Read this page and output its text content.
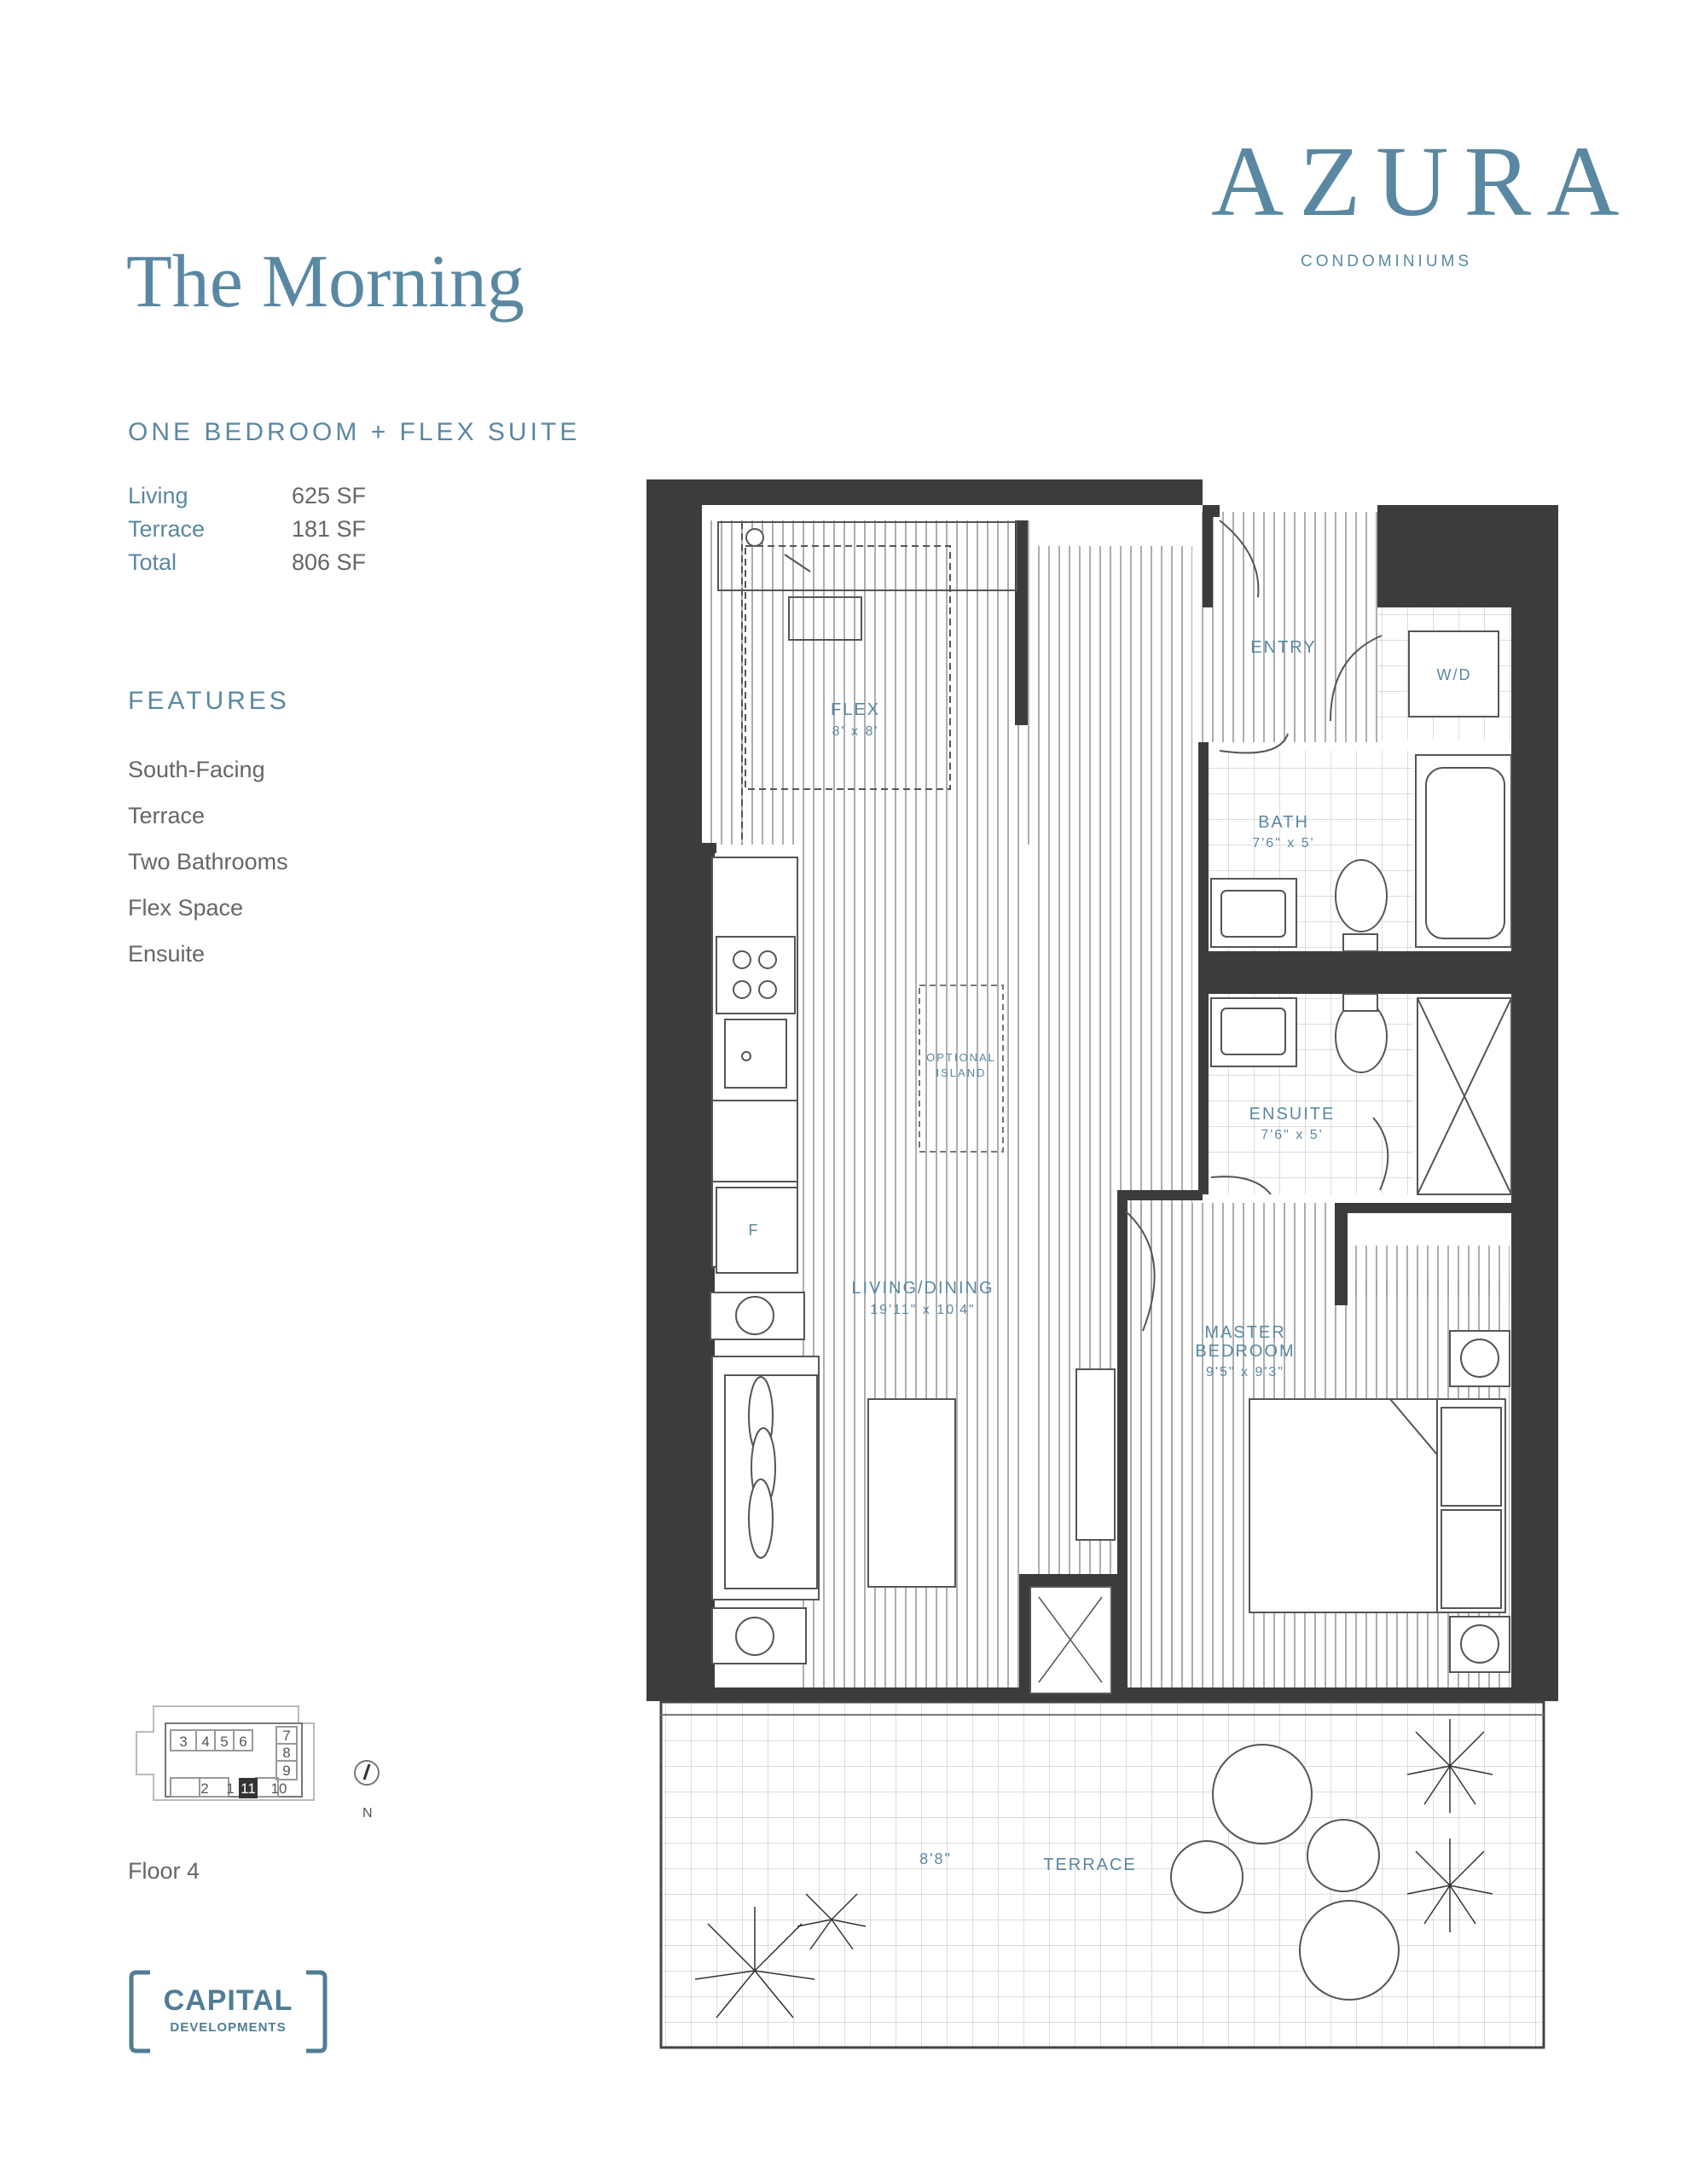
AZURA
CONDOMINIUMS
The Morning
ONE BEDROOM + FLEX SUITE
Living	625 SF
Terrace	181 SF
Total	806 SF
FEATURES
South-Facing
Terrace
Two Bathrooms
Flex Space
Ensuite
3 4 5 6 7
8
9
2 1 11 10
N
Floor 4
CAPITAL
DEVELOPMENTS
FLEX
8' x 8'
ENTRY
W/D
BATH
7'6" x 5'
ENSUITE
7'6" x 5'
OPTIONAL
ISLAND
F
LIVING/DINING
19'11" x 10'4"
MASTER
BEDROOM
9'5" x 9'3"
TERRACE
8'8"
